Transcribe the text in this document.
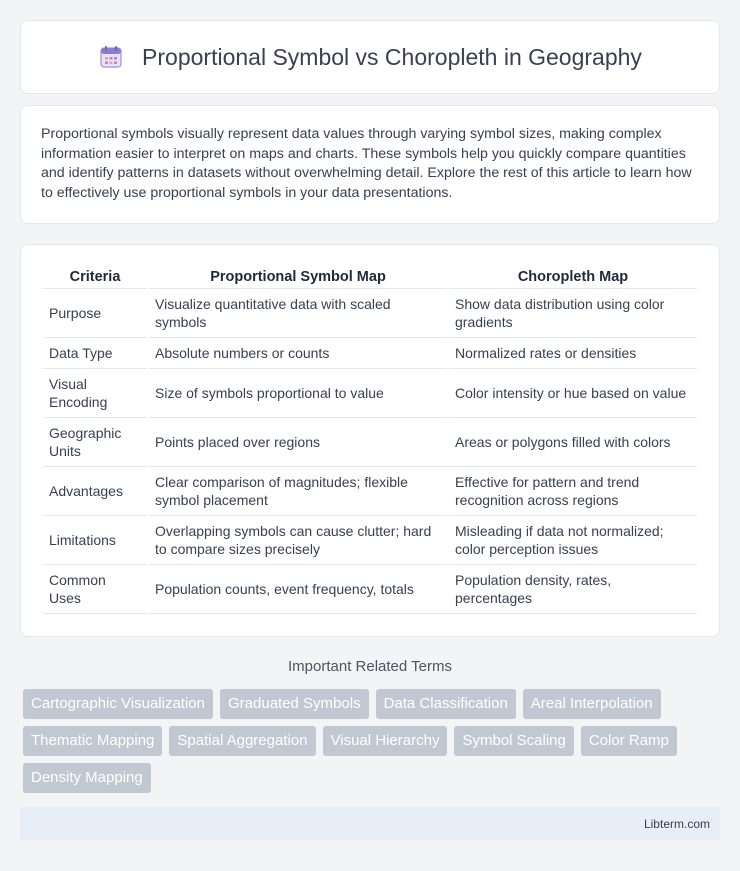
Proportional Symbol vs Choropleth in Geography

Proportional symbols visually represent data values through varying symbol sizes, making complex information easier to interpret on maps and charts. These symbols help you quickly compare quantities and identify patterns in datasets without overwhelming detail. Explore the rest of this article to learn how to effectively use proportional symbols in your data presentations.

Criteria	Proportional Symbol Map	Choropleth Map
Purpose	Visualize quantitative data with scaled symbols	Show data distribution using color gradients
Data Type	Absolute numbers or counts	Normalized rates or densities
Visual Encoding	Size of symbols proportional to value	Color intensity or hue based on value
Geographic Units	Points placed over regions	Areas or polygons filled with colors
Advantages	Clear comparison of magnitudes; flexible symbol placement	Effective for pattern and trend recognition across regions
Limitations	Overlapping symbols can cause clutter; hard to compare sizes precisely	Misleading if data not normalized; color perception issues
Common Uses	Population counts, event frequency, totals	Population density, rates, percentages
Important Related Terms
Cartographic Visualization	Graduated Symbols	Data Classification	Areal Interpolation
Thematic Mapping	Spatial Aggregation	Visual Hierarchy	Symbol Scaling	Color Ramp
Density Mapping
Libterm.com
